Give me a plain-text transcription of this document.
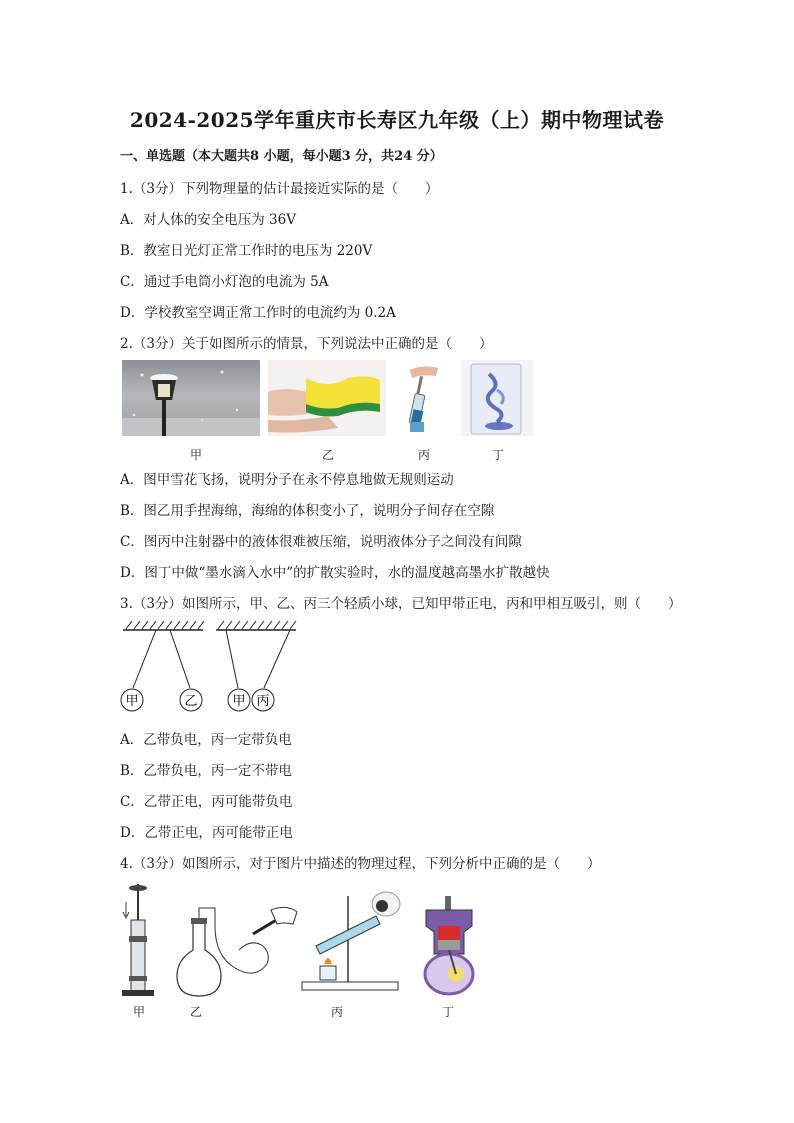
2024-2025学年重庆市长寿区九年级（上）期中物理试卷
一、单选题（本大题共8 小题，每小题3 分，共24 分）
1.（3分）下列物理量的估计最接近实际的是（　　）
A．对人体的安全电压为 36V
B．教室日光灯正常工作时的电压为 220V
C．通过手电筒小灯泡的电流为 5A
D．学校教室空调正常工作时的电流约为 0.2A
2.（3分）关于如图所示的情景，下列说法中正确的是（　　）
甲	乙	丙	丁
A．图甲雪花飞扬，说明分子在永不停息地做无规则运动
B．图乙用手捏海绵，海绵的体积变小了，说明分子间存在空隙
C．图丙中注射器中的液体很难被压缩，说明液体分子之间没有间隙
D．图丁中做“墨水滴入水中”的扩散实验时，水的温度越高墨水扩散越快
3.（3分）如图所示，甲、乙、丙三个轻质小球，已知甲带正电，丙和甲相互吸引，则（　　）
甲	乙	甲 丙
A．乙带负电，丙一定带负电
B．乙带负电，丙一定不带电
C．乙带正电，丙可能带负电
D．乙带正电，丙可能带正电
4.（3分）如图所示，对于图片中描述的物理过程，下列分析中正确的是（　　）
甲	乙	丙	丁
